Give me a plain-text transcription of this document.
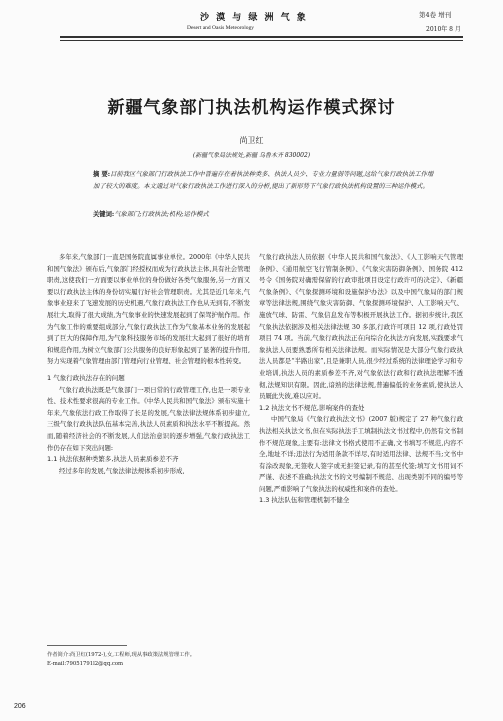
沙 漠 与 绿 洲 气 象
Desert and Oasis Meteorology
第4卷 增刊
2010年 8 月
新疆气象部门执法机构运作模式探讨
尚卫红
(新疆气象局法规处,新疆 乌鲁木齐 830002)
摘 要:目前我区气象部门行政执法工作中普遍存在着执法种类多、执法人员少、专业力量弱等问题,这给气象行政执法工作增加了较大的难度。本文通过对气象行政执法工作进行深入的分析,提出了新形势下气象行政执法机构设置的三种运作模式。
关键词:气象部门;行政执法;机构;运作模式

多年来,气象部门一直是国务院直属事业单位。2000年《中华人民共和国气象法》颁布后,气象部门经授权而成为行政执法主体,具有社会管理职责,这使我们一方面要以事业单位的身份做好各类气象服务,另一方面又要以行政执法主体的身份切实履行好社会管理职责。尤其是近几年来,气象事业迎来了飞速发展的历史机遇,气象行政执法工作也从无到有,不断发展壮大,取得了很大成绩,为气象事业的快速发展起到了保驾护航作用。作为气象工作的重要组成部分,气象行政执法工作为气象基本业务的发展起到了巨大的保障作用,为气象科技服务市场的发展壮大起到了很好的培育和规范作用,为树立气象部门公共服务的良好形象起到了显著的提升作用,努力实现着气象管理由部门管理向行业管理、社会管理的根本性转变。

1 气象行政执法存在的问题

气象行政执法既是气象部门一项日常的行政管理工作,也是一项专业性、技术性要求很高的专业工作。《中华人民共和国气象法》颁布实施十年来,气象依法行政工作取得了长足的发展,气象法律法规体系初步建立,三级气象行政执法队伍基本完善,执法人员素质和执法水平不断提高。然而,随着经济社会的不断发展,人们法治意识的逐步增强,气象行政执法工作仍存在如下突出问题:

1.1 执法依据种类繁多,执法人员素质参差不齐

经过多年的发展,气象法律法规体系初步形成,

气象行政执法人员依据《中华人民共和国气象法》、《人工影响天气管理条例》、《通用航空飞行管制条例》、《气象灾害防御条例》、国务院 412 号令《国务院对确需保留的行政审批项目设定行政许可的决定》、《新疆气象条例》、《气象探测环境和设施保护办法》以及中国气象局的部门规章等法律法规,围绕气象灾害防御、气象探测环境保护、人工影响天气、施放气球、防雷、气象信息发布等积极开展执法工作。据初步统计,我区气象执法依据涉及相关法律法规 30 多部,行政许可项目 12 项,行政处罚项目 74 项。当前,气象行政执法正在向综合化执法方向发展,实践要求气象执法人员要熟悉所有相关法律法规。而实际情况是大部分气象行政执法人员都是“半路出家”,且是兼职人员,很少经过系统的法律理论学习和专业培训,执法人员的素质参差不齐,对气象依法行政和行政执法理解不透彻,法规知识有限。因此,谙熟的法律法规,普遍偏低的业务素质,使执法人员厩此失彼,难以应对。

1.2 执法文书不规范,影响案件的查处

中国气象局《气象行政执法文书》(2007 版)规定了 27 种气象行政执法相关执法文书,但在实际执法手工填制执法文书过程中,仍然有文书制作不规范现象,主要有:法律文书格式使用不正确,文书填写不规范,内容不全,地址不详;违法行为适用条款不详尽,有时适用法律、法规不当;文书中有涂改现象,无签收人签字或无拒签记录,有的甚至代签;填写文书用词不严谨、表述不准确;执法文书的文号编制不规范、出现类别不同的编号等问题,严重影响了气象执法的权威性和案件的查处。

1.3 执法队伍和管理机制不健全

作者简介:尚卫红(1972-),女,工程师,现从事政策法规管理工作。
E-mail:79051791l2@qq.com
206
